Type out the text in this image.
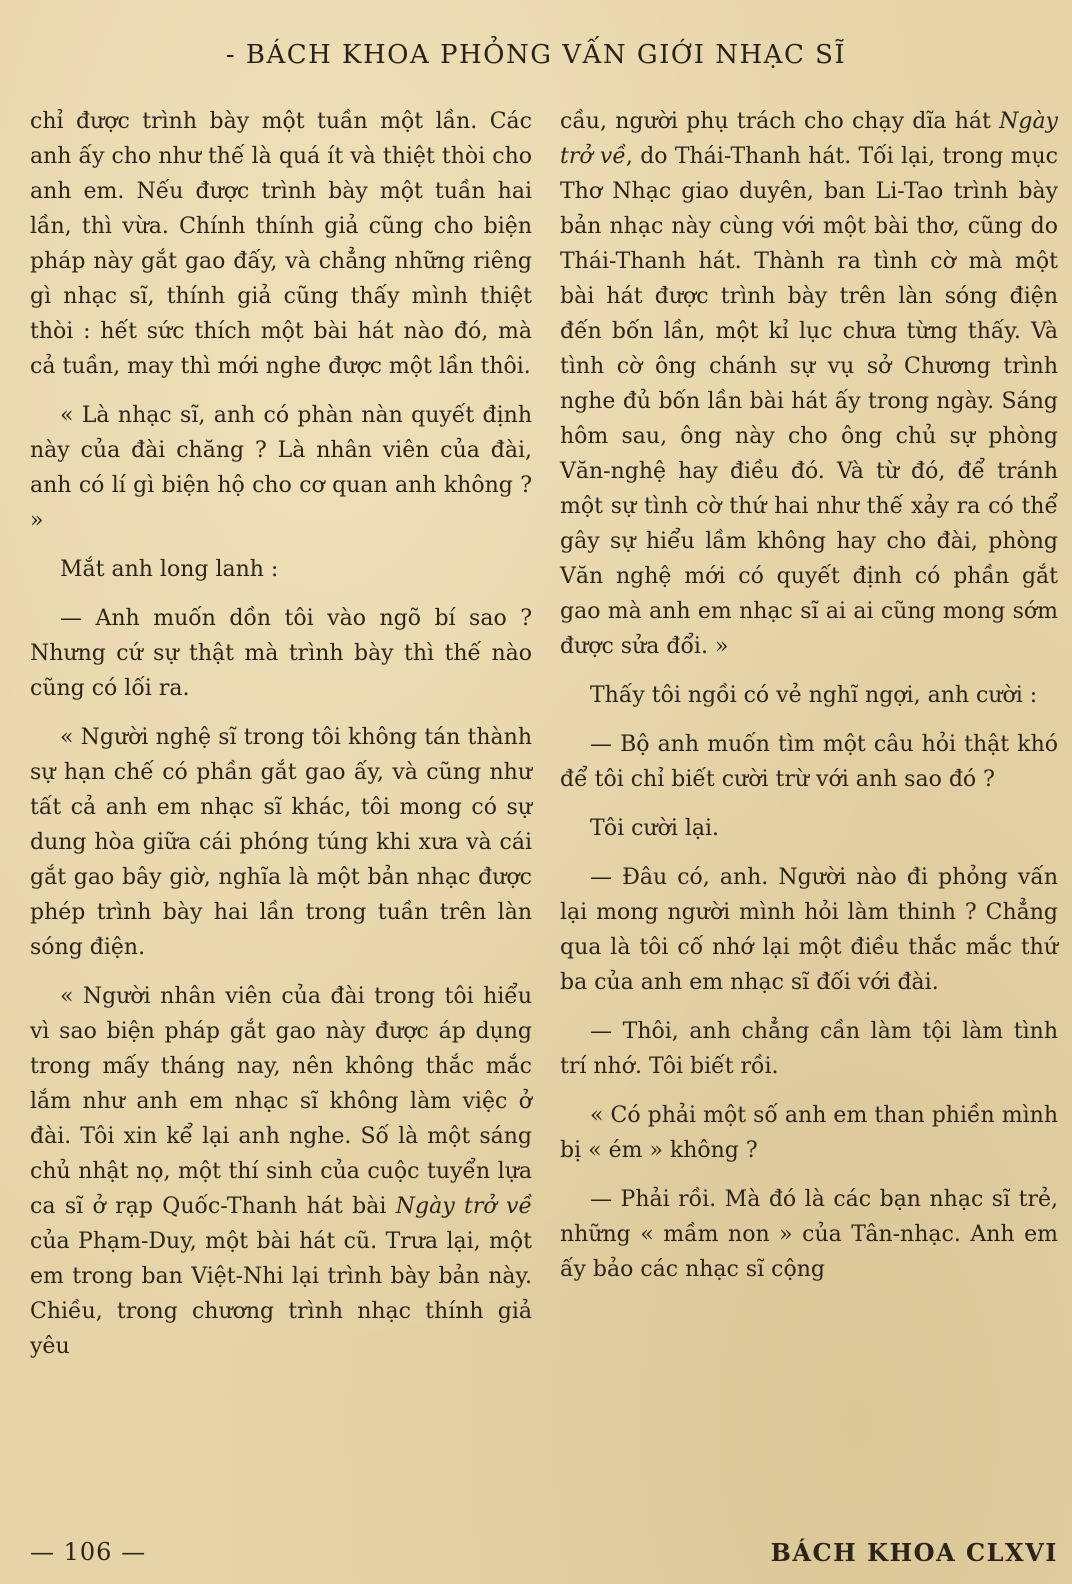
- BÁCH KHOA PHỎNG VẤN GIỚI NHẠC SĨ

chỉ được trình bày một tuần một lần. Các anh ấy cho như thế là quá ít và thiệt thòi cho anh em. Nếu được trình bày một tuần hai lần, thì vừa. Chính thính giả cũng cho biện pháp này gắt gao đấy, và chẳng những riêng gì nhạc sĩ, thính giả cũng thấy mình thiệt thòi : hết sức thích một bài hát nào đó, mà cả tuần, may thì mới nghe được một lần thôi.

« Là nhạc sĩ, anh có phàn nàn quyết định này của đài chăng ? Là nhân viên của đài, anh có lí gì biện hộ cho cơ quan anh không ? »

Mắt anh long lanh :

— Anh muốn dồn tôi vào ngõ bí sao ? Nhưng cứ sự thật mà trình bày thì thế nào cũng có lối ra.

« Người nghệ sĩ trong tôi không tán thành sự hạn chế có phần gắt gao ấy, và cũng như tất cả anh em nhạc sĩ khác, tôi mong có sự dung hòa giữa cái phóng túng khi xưa và cái gắt gao bây giờ, nghĩa là một bản nhạc được phép trình bày hai lần trong tuần trên làn sóng điện.

« Người nhân viên của đài trong tôi hiểu vì sao biện pháp gắt gao này được áp dụng trong mấy tháng nay, nên không thắc mắc lắm như anh em nhạc sĩ không làm việc ở đài. Tôi xin kể lại anh nghe. Số là một sáng chủ nhật nọ, một thí sinh của cuộc tuyển lựa ca sĩ ở rạp Quốc-Thanh hát bài Ngày trở về của Phạm-Duy, một bài hát cũ. Trưa lại, một em trong ban Việt-Nhi lại trình bày bản này. Chiều, trong chương trình nhạc thính giả yêu

cầu, người phụ trách cho chạy dĩa hát Ngày trở về, do Thái-Thanh hát. Tối lại, trong mục Thơ Nhạc giao duyên, ban Li-Tao trình bày bản nhạc này cùng với một bài thơ, cũng do Thái-Thanh hát. Thành ra tình cờ mà một bài hát được trình bày trên làn sóng điện đến bốn lần, một kỉ lục chưa từng thấy. Và tình cờ ông chánh sự vụ sở Chương trình nghe đủ bốn lần bài hát ấy trong ngày. Sáng hôm sau, ông này cho ông chủ sự phòng Văn-nghệ hay điều đó. Và từ đó, để tránh một sự tình cờ thứ hai như thế xảy ra có thể gây sự hiểu lầm không hay cho đài, phòng Văn nghệ mới có quyết định có phần gắt gao mà anh em nhạc sĩ ai ai cũng mong sớm được sửa đổi. »

Thấy tôi ngồi có vẻ nghĩ ngợi, anh cười :

— Bộ anh muốn tìm một câu hỏi thật khó để tôi chỉ biết cười trừ với anh sao đó ?

Tôi cười lại.

— Đâu có, anh. Người nào đi phỏng vấn lại mong người mình hỏi làm thinh ? Chẳng qua là tôi cố nhớ lại một điều thắc mắc thứ ba của anh em nhạc sĩ đối với đài.

— Thôi, anh chẳng cần làm tội làm tình trí nhớ. Tôi biết rồi.

« Có phải một số anh em than phiền mình bị « ém » không ?

— Phải rồi. Mà đó là các bạn nhạc sĩ trẻ, những « mầm non » của Tân-nhạc. Anh em ấy bảo các nhạc sĩ cộng

— 106 —	BÁCH KHOA CLXVI
